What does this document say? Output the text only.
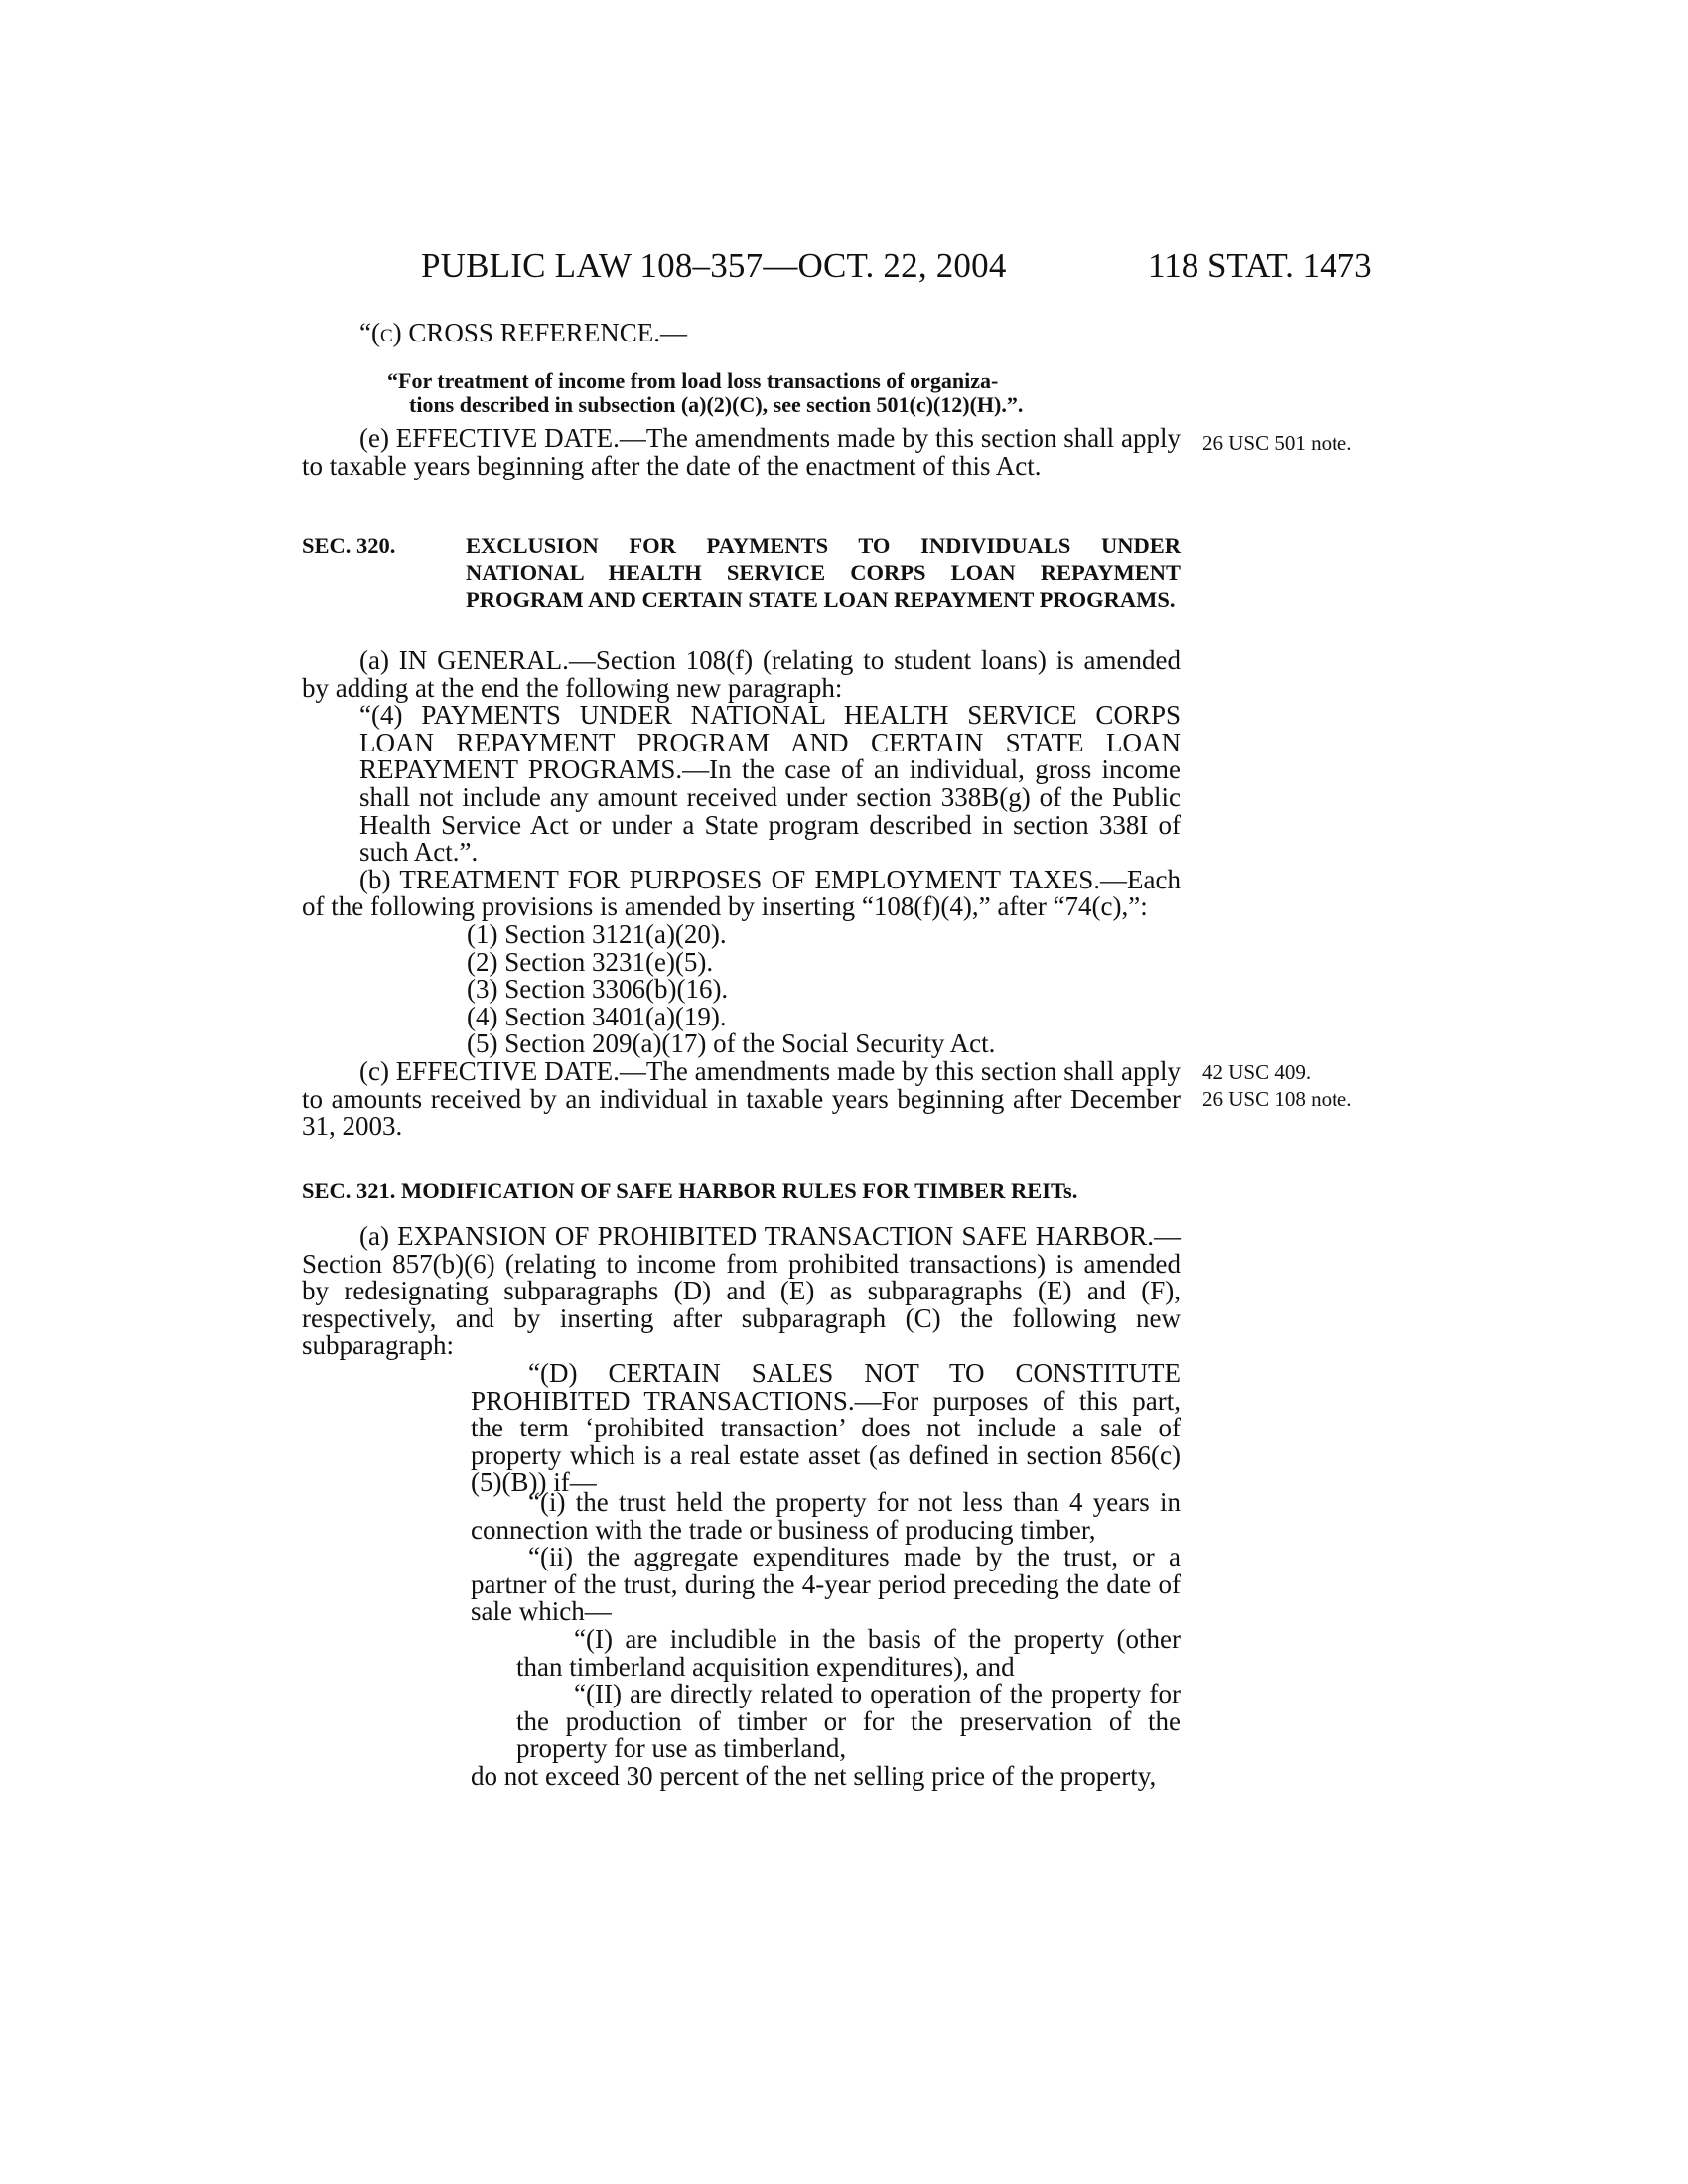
PUBLIC LAW 108–357—OCT. 22, 2004	118 STAT. 1473

“(c) CROSS REFERENCE.—

“For treatment of income from load loss transactions of organiza-
tions described in subsection (a)(2)(C), see section 501(c)(12)(H).”.

(e) EFFECTIVE DATE.—The amendments made by this section shall apply to taxable years beginning after the date of the enactment of this Act.

26 USC 501 note.
SEC. 320.	EXCLUSION FOR PAYMENTS TO INDIVIDUALS UNDER NATIONAL HEALTH SERVICE CORPS LOAN REPAYMENT PROGRAM AND CERTAIN STATE LOAN REPAYMENT PROGRAMS.

(a) IN GENERAL.—Section 108(f) (relating to student loans) is amended by adding at the end the following new paragraph:

“(4) PAYMENTS UNDER NATIONAL HEALTH SERVICE CORPS LOAN REPAYMENT PROGRAM AND CERTAIN STATE LOAN REPAYMENT PROGRAMS.—In the case of an individual, gross income shall not include any amount received under section 338B(g) of the Public Health Service Act or under a State program described in section 338I of such Act.”.

(b) TREATMENT FOR PURPOSES OF EMPLOYMENT TAXES.—Each of the following provisions is amended by inserting “108(f)(4),” after “74(c),”:

(1) Section 3121(a)(20).

(2) Section 3231(e)(5).

(3) Section 3306(b)(16).

(4) Section 3401(a)(19).

(5) Section 209(a)(17) of the Social Security Act.

(c) EFFECTIVE DATE.—The amendments made by this section shall apply to amounts received by an individual in taxable years beginning after December 31, 2003.

42 USC 409.
26 USC 108 note.
SEC. 321. MODIFICATION OF SAFE HARBOR RULES FOR TIMBER REITs.

(a) EXPANSION OF PROHIBITED TRANSACTION SAFE HARBOR.— Section 857(b)(6) (relating to income from prohibited transactions) is amended by redesignating subparagraphs (D) and (E) as subparagraphs (E) and (F), respectively, and by inserting after subparagraph (C) the following new subparagraph:

“(D) CERTAIN SALES NOT TO CONSTITUTE PROHIBITED TRANSACTIONS.—For purposes of this part, the term ‘prohibited transaction’ does not include a sale of property which is a real estate asset (as defined in section 856(c)(5)(B)) if—

“(i) the trust held the property for not less than 4 years in connection with the trade or business of producing timber,

“(ii) the aggregate expenditures made by the trust, or a partner of the trust, during the 4-year period preceding the date of sale which—

“(I) are includible in the basis of the property (other than timberland acquisition expenditures), and

“(II) are directly related to operation of the property for the production of timber or for the preservation of the property for use as timberland,

do not exceed 30 percent of the net selling price of the property,
